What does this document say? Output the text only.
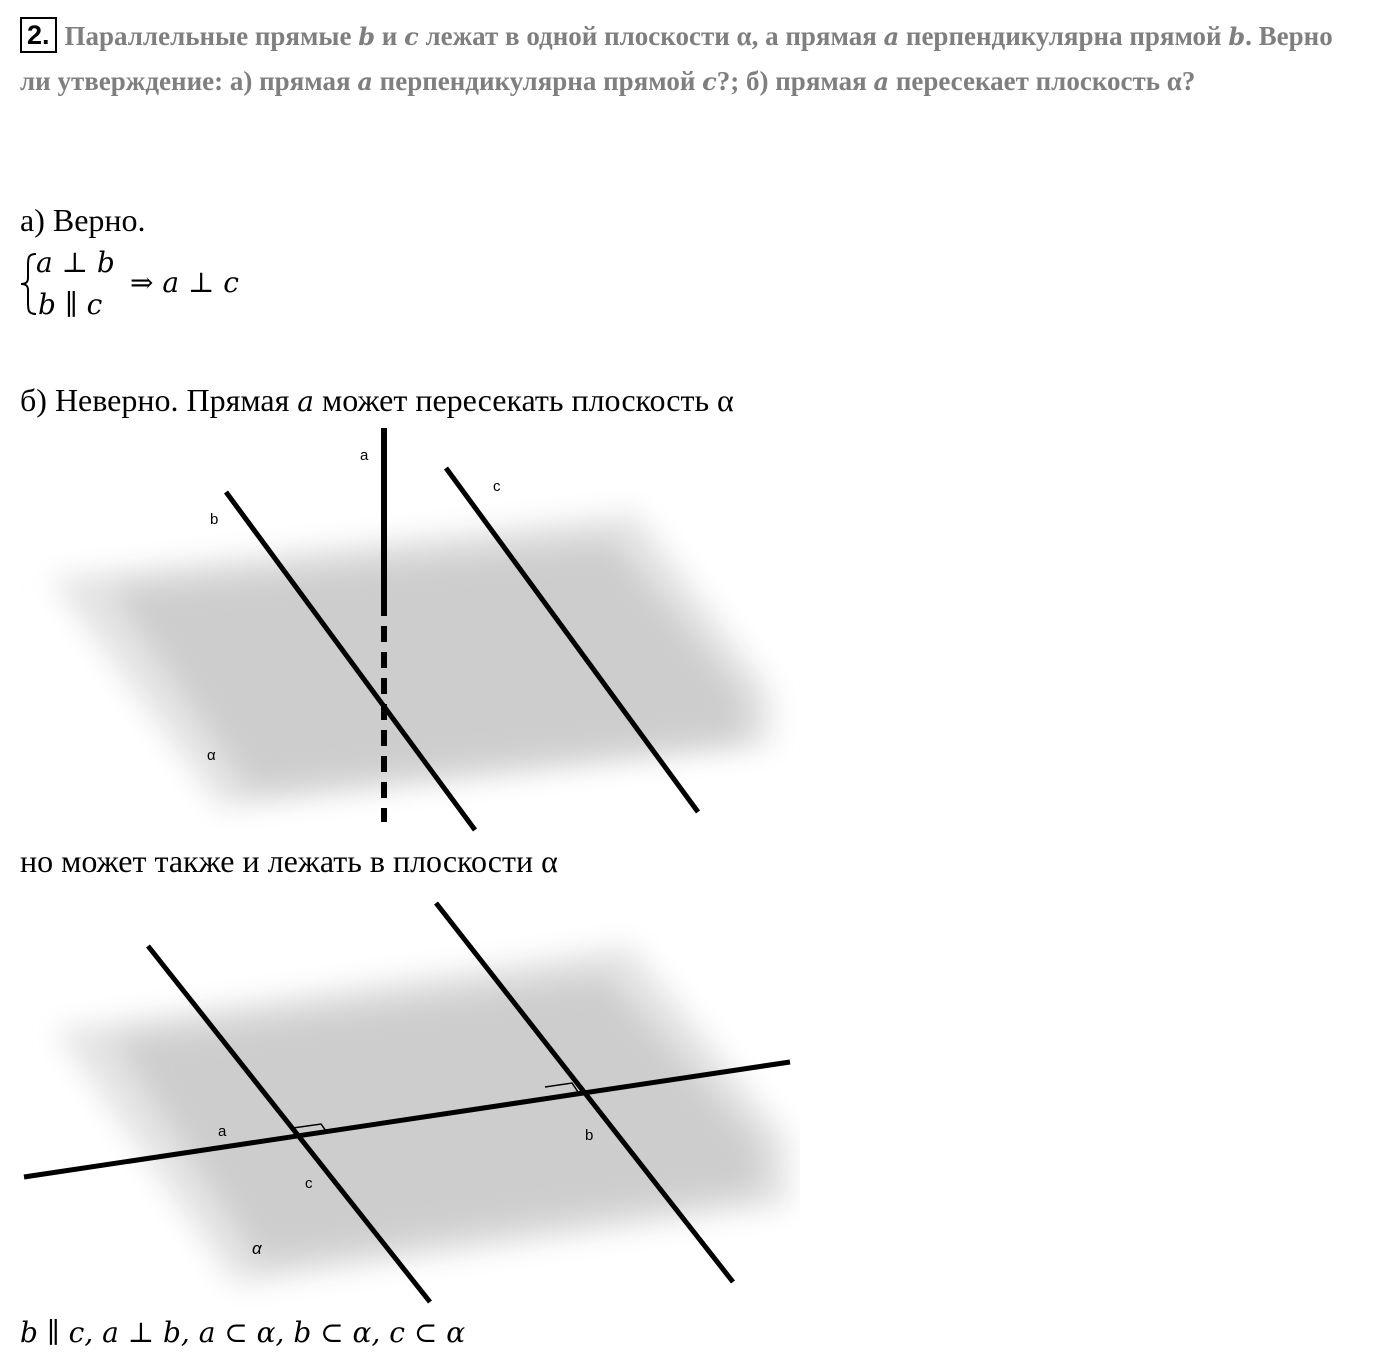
2. Параллельные прямые b и c лежат в одной плоскости α, а прямая a перпендикулярна прямой b. Верно ли утверждение: а) прямая a перпендикулярна прямой c?; б) прямая a пересекает плоскость α?
а) Верно.
a ⊥ b
b ∥ c
⇒ a ⊥ c
б) Неверно. Прямая a может пересекать плоскость α
a
b
c
α
но может также и лежать в плоскости α
a	b
c
α
b ∥ c, a ⊥ b, a ⊂ α, b ⊂ α, c ⊂ α
